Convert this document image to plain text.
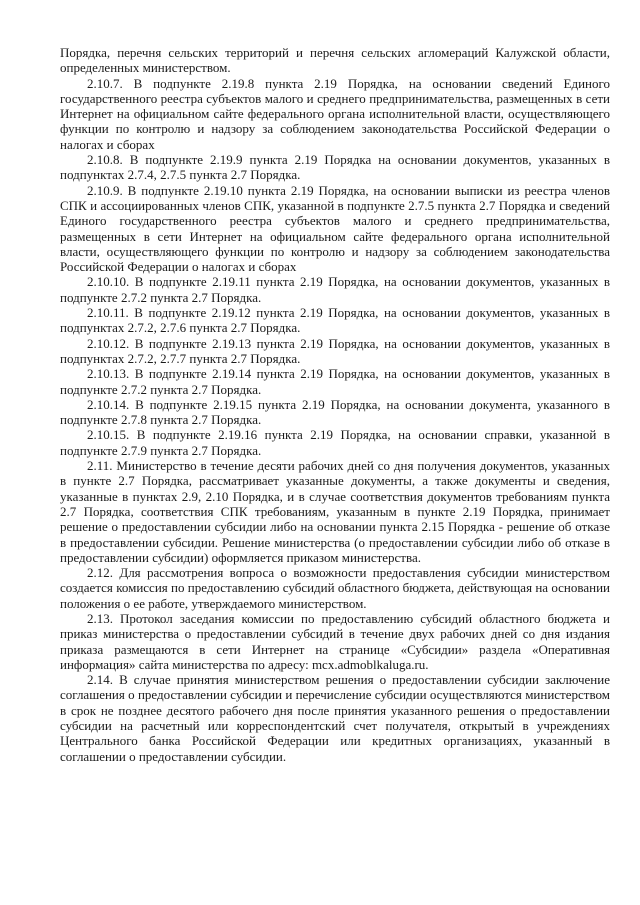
Порядка, перечня сельских территорий и перечня сельских агломераций Калужской области, определенных министерством.

2.10.7. В подпункте 2.19.8 пункта 2.19 Порядка, на основании сведений Единого государственного реестра субъектов малого и среднего предпринимательства, размещенных в сети Интернет на официальном сайте федерального органа исполнительной власти, осуществляющего функции по контролю и надзору за соблюдением законодательства Российской Федерации о налогах и сборах

2.10.8. В подпункте 2.19.9 пункта 2.19 Порядка на основании документов, указанных в подпунктах 2.7.4, 2.7.5 пункта 2.7 Порядка.

2.10.9. В подпункте 2.19.10 пункта 2.19 Порядка, на основании выписки из реестра членов СПК и ассоциированных членов СПК, указанной в подпункте 2.7.5 пункта 2.7 Порядка и сведений Единого государственного реестра субъектов малого и среднего предпринимательства, размещенных в сети Интернет на официальном сайте федерального органа исполнительной власти, осуществляющего функции по контролю и надзору за соблюдением законодательства Российской Федерации о налогах и сборах

2.10.10. В подпункте 2.19.11 пункта 2.19 Порядка, на основании документов, указанных в подпункте 2.7.2 пункта 2.7 Порядка.

2.10.11. В подпункте 2.19.12 пункта 2.19 Порядка, на основании документов, указанных в подпунктах 2.7.2, 2.7.6 пункта 2.7 Порядка.

2.10.12. В подпункте 2.19.13 пункта 2.19 Порядка, на основании документов, указанных в подпунктах 2.7.2, 2.7.7 пункта 2.7 Порядка.

2.10.13. В подпункте 2.19.14 пункта 2.19 Порядка, на основании документов, указанных в подпункте 2.7.2 пункта 2.7 Порядка.

2.10.14. В подпункте 2.19.15 пункта 2.19 Порядка, на основании документа, указанного в подпункте 2.7.8 пункта 2.7 Порядка.

2.10.15. В подпункте 2.19.16 пункта 2.19 Порядка, на основании справки, указанной в подпункте 2.7.9 пункта 2.7 Порядка.

2.11. Министерство в течение десяти рабочих дней со дня получения документов, указанных в пункте 2.7 Порядка, рассматривает указанные документы, а также документы и сведения, указанные в пунктах 2.9, 2.10 Порядка, и в случае соответствия документов требованиям пункта 2.7 Порядка, соответствия СПК требованиям, указанным в пункте 2.19 Порядка, принимает решение о предоставлении субсидии либо на основании пункта 2.15 Порядка - решение об отказе в предоставлении субсидии. Решение министерства (о предоставлении субсидии либо об отказе в предоставлении субсидии) оформляется приказом министерства.

2.12. Для рассмотрения вопроса о возможности предоставления субсидии министерством создается комиссия по предоставлению субсидий областного бюджета, действующая на основании положения о ее работе, утверждаемого министерством.

2.13. Протокол заседания комиссии по предоставлению субсидий областного бюджета и приказ министерства о предоставлении субсидий в течение двух рабочих дней со дня издания приказа размещаются в сети Интернет на странице «Субсидии» раздела «Оперативная информация» сайта министерства по адресу: mcx.admoblkaluga.ru.

2.14. В случае принятия министерством решения о предоставлении субсидии заключение соглашения о предоставлении субсидии и перечисление субсидии осуществляются министерством в срок не позднее десятого рабочего дня после принятия указанного решения о предоставлении субсидии на расчетный или корреспондентский счет получателя, открытый в учреждениях Центрального банка Российской Федерации или кредитных организациях, указанный в соглашении о предоставлении субсидии.
